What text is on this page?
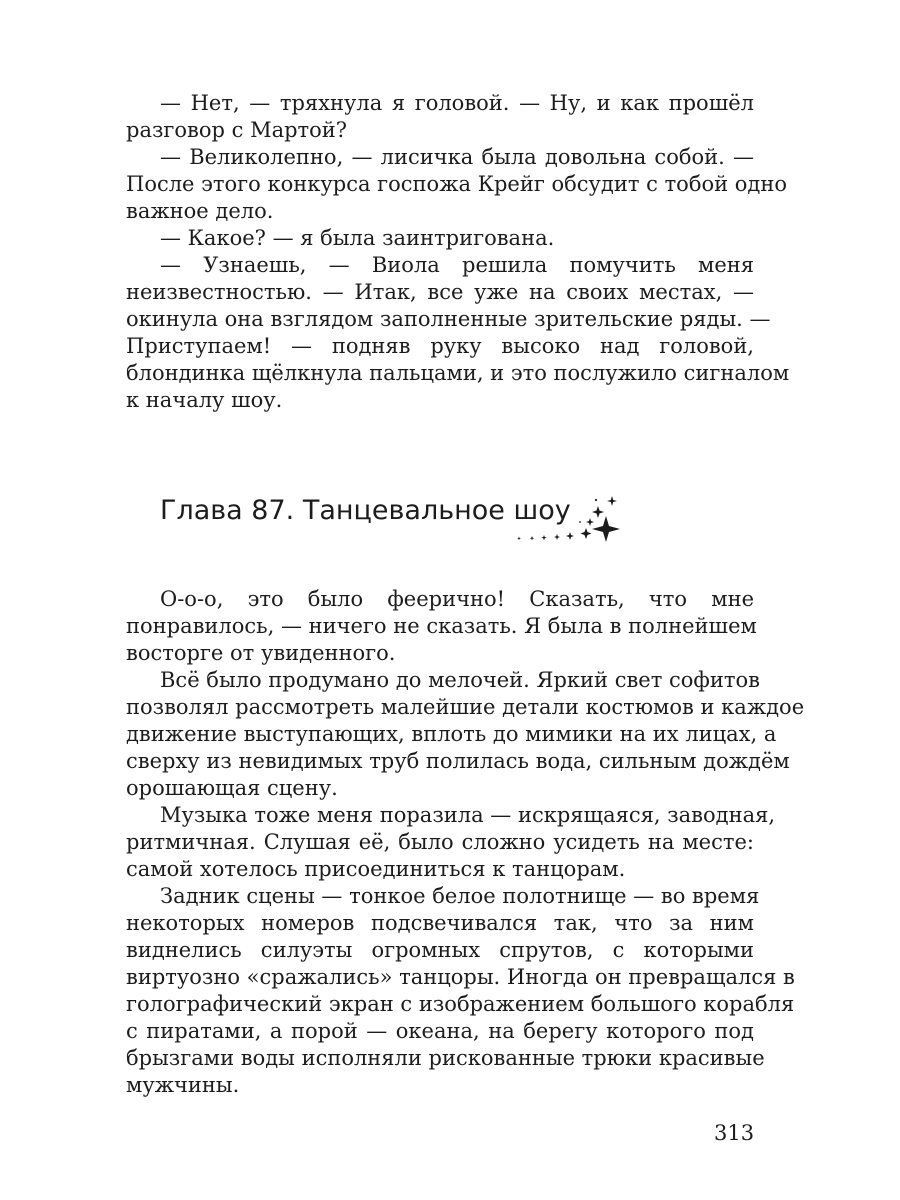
— Нет, — тряхнула я головой. — Ну, и как прошёл
разговор с Мартой?
— Великолепно, — лисичка была довольна собой. —
После этого конкурса госпожа Крейг обсудит с тобой одно
важное дело.
— Какое? — я была заинтригована.
— Узнаешь, — Виола решила помучить меня
неизвестностью. — Итак, все уже на своих местах, —
окинула она взглядом заполненные зрительские ряды. —
Приступаем! — подняв руку высоко над головой,
блондинка щёлкнула пальцами, и это послужило сигналом
к началу шоу.
Глава 87. Танцевальное шоу
О-о-о, это было феерично! Сказать, что мне
понравилось, — ничего не сказать. Я была в полнейшем
восторге от увиденного.
Всё было продумано до мелочей. Яркий свет софитов
позволял рассмотреть малейшие детали костюмов и каждое
движение выступающих, вплоть до мимики на их лицах, а
сверху из невидимых труб полилась вода, сильным дождём
орошающая сцену.
Музыка тоже меня поразила — искрящаяся, заводная,
ритмичная. Слушая её, было сложно усидеть на месте:
самой хотелось присоединиться к танцорам.
Задник сцены — тонкое белое полотнище — во время
некоторых номеров подсвечивался так, что за ним
виднелись силуэты огромных спрутов, с которыми
виртуозно «сражались» танцоры. Иногда он превращался в
голографический экран с изображением большого корабля
с пиратами, а порой — океана, на берегу которого под
брызгами воды исполняли рискованные трюки красивые
мужчины.
313
